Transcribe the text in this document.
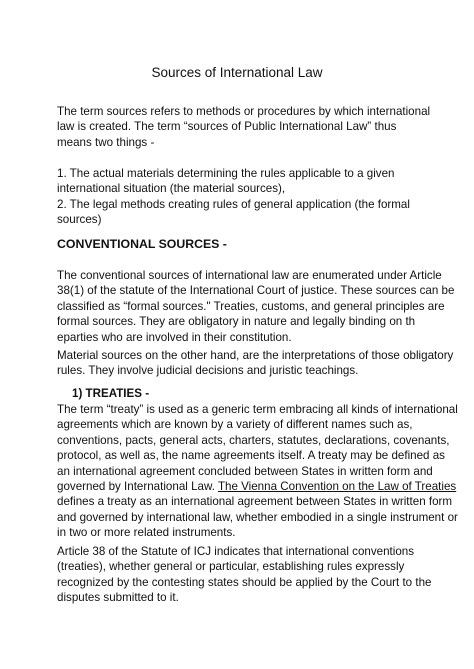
Sources of International Law
The term sources refers to methods or procedures by which international
law is created. The term “sources of Public International Law” thus
means two things -
1. The actual materials determining the rules applicable to a given
international situation (the material sources),
2. The legal methods creating rules of general application (the formal
sources)
CONVENTIONAL SOURCES -
The conventional sources of international law are enumerated under Article
38(1) of the statute of the International Court of justice. These sources can be
classified as “formal sources." Treaties, customs, and general principles are
formal sources. They are obligatory in nature and legally binding on th
eparties who are involved in their constitution.
Material sources on the other hand, are the interpretations of those obligatory
rules. They involve judicial decisions and juristic teachings.
1) TREATIES -
The term “treaty” is used as a generic term embracing all kinds of international
agreements which are known by a variety of different names such as,
conventions, pacts, general acts, charters, statutes, declarations, covenants,
protocol, as well as, the name agreements itself. A treaty may be defined as
an international agreement concluded between States in written form and
governed by International Law. The Vienna Convention on the Law of Treaties
defines a treaty as an international agreement between States in written form
and governed by international law, whether embodied in a single instrument or
in two or more related instruments.
Article 38 of the Statute of ICJ indicates that international conventions
(treaties), whether general or particular, establishing rules expressly
recognized by the contesting states should be applied by the Court to the
disputes submitted to it.
